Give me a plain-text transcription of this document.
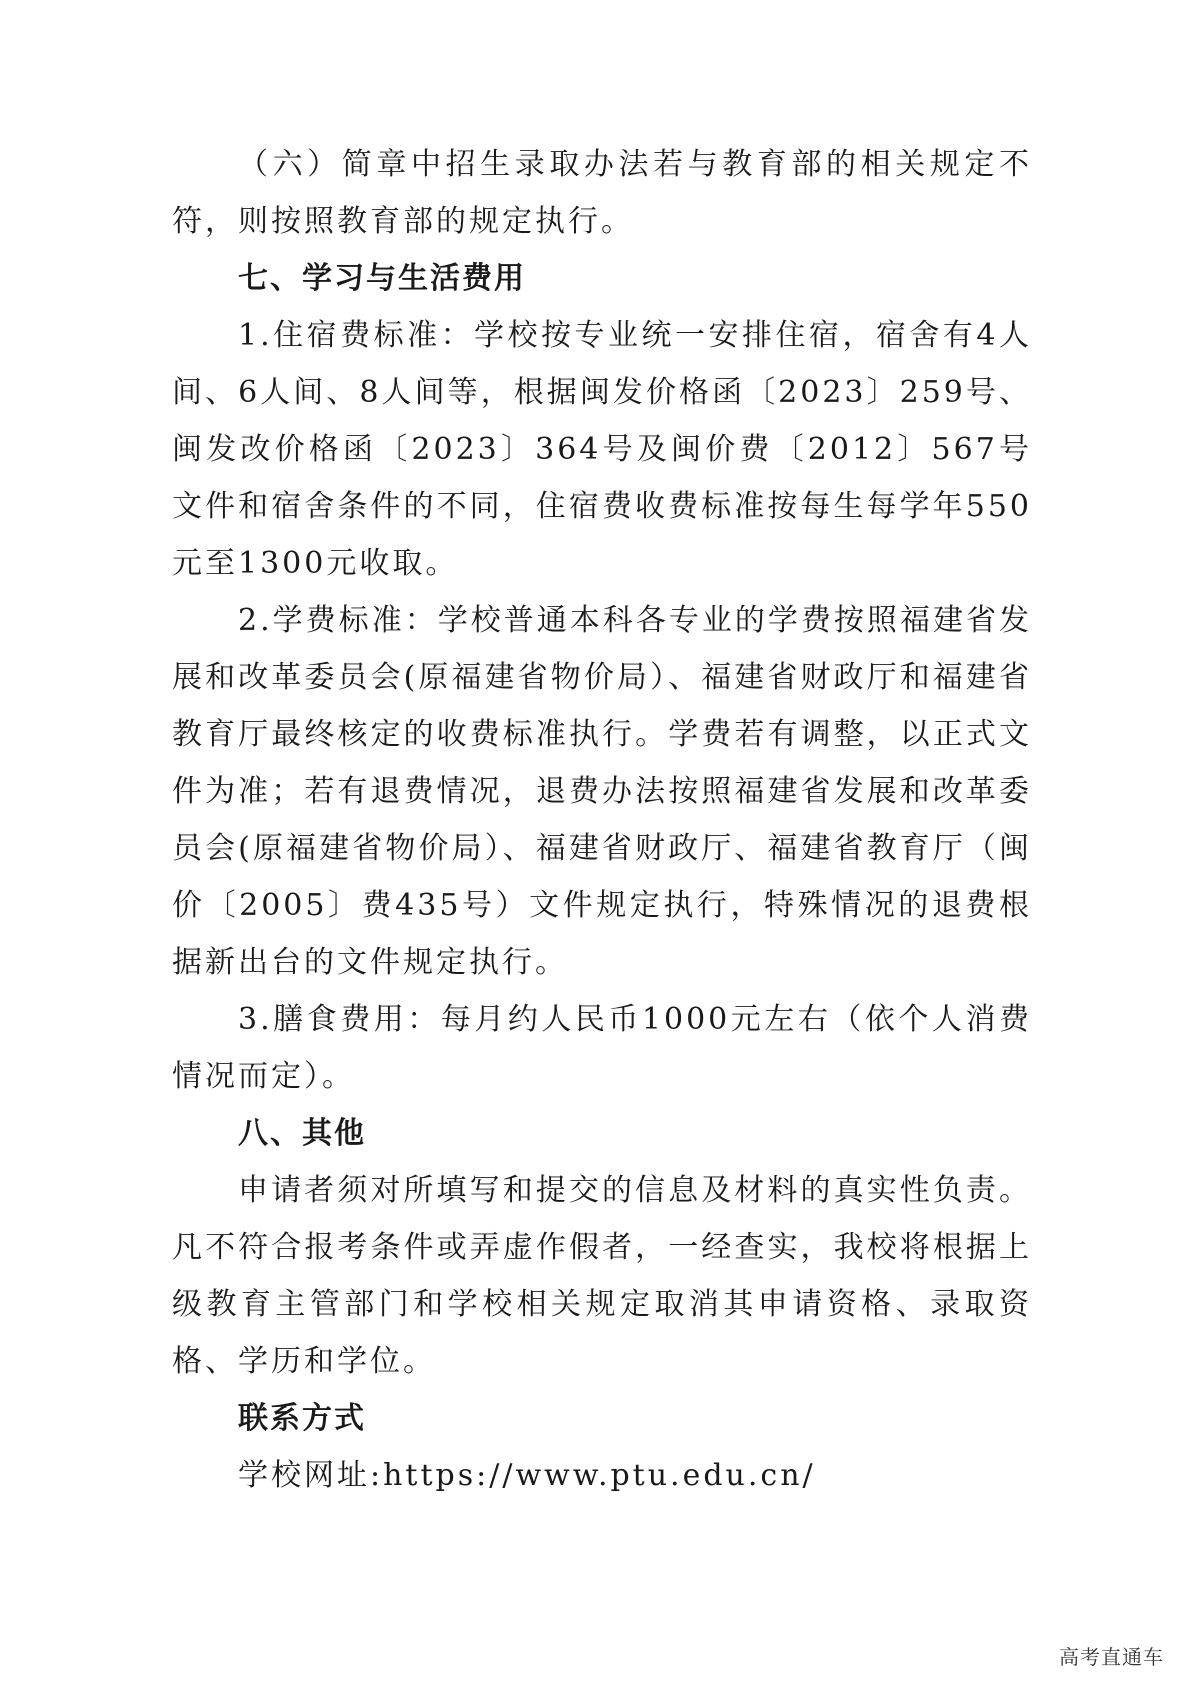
（六）简章中招生录取办法若与教育部的相关规定不符，则按照教育部的规定执行。

七、学习与生活费用

1.住宿费标准：学校按专业统一安排住宿，宿舍有4人间、6人间、8人间等，根据闽发价格函〔2023〕259号、闽发改价格函〔2023〕364号及闽价费〔2012〕567号文件和宿舍条件的不同，住宿费收费标准按每生每学年550元至1300元收取。

2.学费标准：学校普通本科各专业的学费按照福建省发展和改革委员会(原福建省物价局）、福建省财政厅和福建省教育厅最终核定的收费标准执行。学费若有调整，以正式文件为准；若有退费情况，退费办法按照福建省发展和改革委员会(原福建省物价局）、福建省财政厅、福建省教育厅（闽价〔2005〕费435号）文件规定执行，特殊情况的退费根据新出台的文件规定执行。

3.膳食费用：每月约人民币1000元左右（依个人消费情况而定）。

八、其他

申请者须对所填写和提交的信息及材料的真实性负责。凡不符合报考条件或弄虚作假者，一经查实，我校将根据上级教育主管部门和学校相关规定取消其申请资格、录取资格、学历和学位。

联系方式

学校网址:https://www.ptu.edu.cn/

高考直通车
